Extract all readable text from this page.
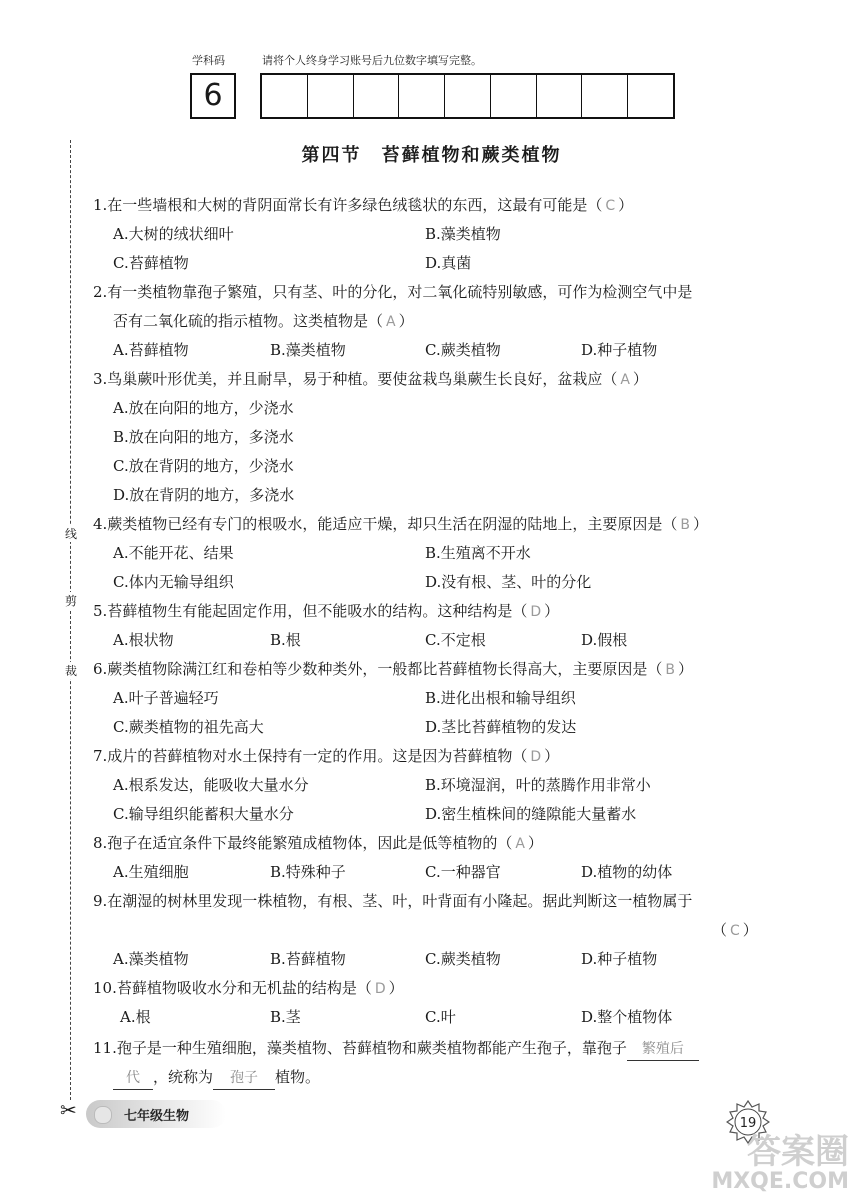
学科码	请将个人终身学习账号后九位数字填写完整。
6
第四节　苔藓植物和蕨类植物
线
剪
裁
✂
1.在一些墙根和大树的背阴面常长有许多绿色绒毯状的东西，这最有可能是（ C ）
A.大树的绒状细叶	B.藻类植物
C.苔藓植物	D.真菌
2.有一类植物靠孢子繁殖，只有茎、叶的分化，对二氧化硫特别敏感，可作为检测空气中是
否有二氧化硫的指示植物。这类植物是（ A ）
A.苔藓植物	B.藻类植物	C.蕨类植物	D.种子植物
3.鸟巢蕨叶形优美，并且耐旱，易于种植。要使盆栽鸟巢蕨生长良好，盆栽应（ A ）
A.放在向阳的地方，少浇水
B.放在向阳的地方，多浇水
C.放在背阴的地方，少浇水
D.放在背阴的地方，多浇水
4.蕨类植物已经有专门的根吸水，能适应干燥，却只生活在阴湿的陆地上，主要原因是（ B ）
A.不能开花、结果	B.生殖离不开水
C.体内无输导组织	D.没有根、茎、叶的分化
5.苔藓植物生有能起固定作用，但不能吸水的结构。这种结构是（ D ）
A.根状物	B.根	C.不定根	D.假根
6.蕨类植物除满江红和卷柏等少数种类外，一般都比苔藓植物长得高大，主要原因是（ B ）
A.叶子普遍轻巧	B.进化出根和输导组织
C.蕨类植物的祖先高大	D.茎比苔藓植物的发达
7.成片的苔藓植物对水土保持有一定的作用。这是因为苔藓植物（ D ）
A.根系发达，能吸收大量水分	B.环境湿润，叶的蒸腾作用非常小
C.输导组织能蓄积大量水分	D.密生植株间的缝隙能大量蓄水
8.孢子在适宜条件下最终能繁殖成植物体，因此是低等植物的（ A ）
A.生殖细胞	B.特殊种子	C.一种器官	D.植物的幼体
9.在潮湿的树林里发现一株植物，有根、茎、叶，叶背面有小隆起。据此判断这一植物属于
（ C ）
A.藻类植物	B.苔藓植物	C.蕨类植物	D.种子植物
10.苔藓植物吸收水分和无机盐的结构是（ D ）
A.根	B.茎	C.叶	D.整个植物体
11.孢子是一种生殖细胞，藻类植物、苔藓植物和蕨类植物都能产生孢子，靠孢子 繁殖后
代 ，统称为 孢子 植物。
七年级生物	19
答案圈
MXQE.COM
